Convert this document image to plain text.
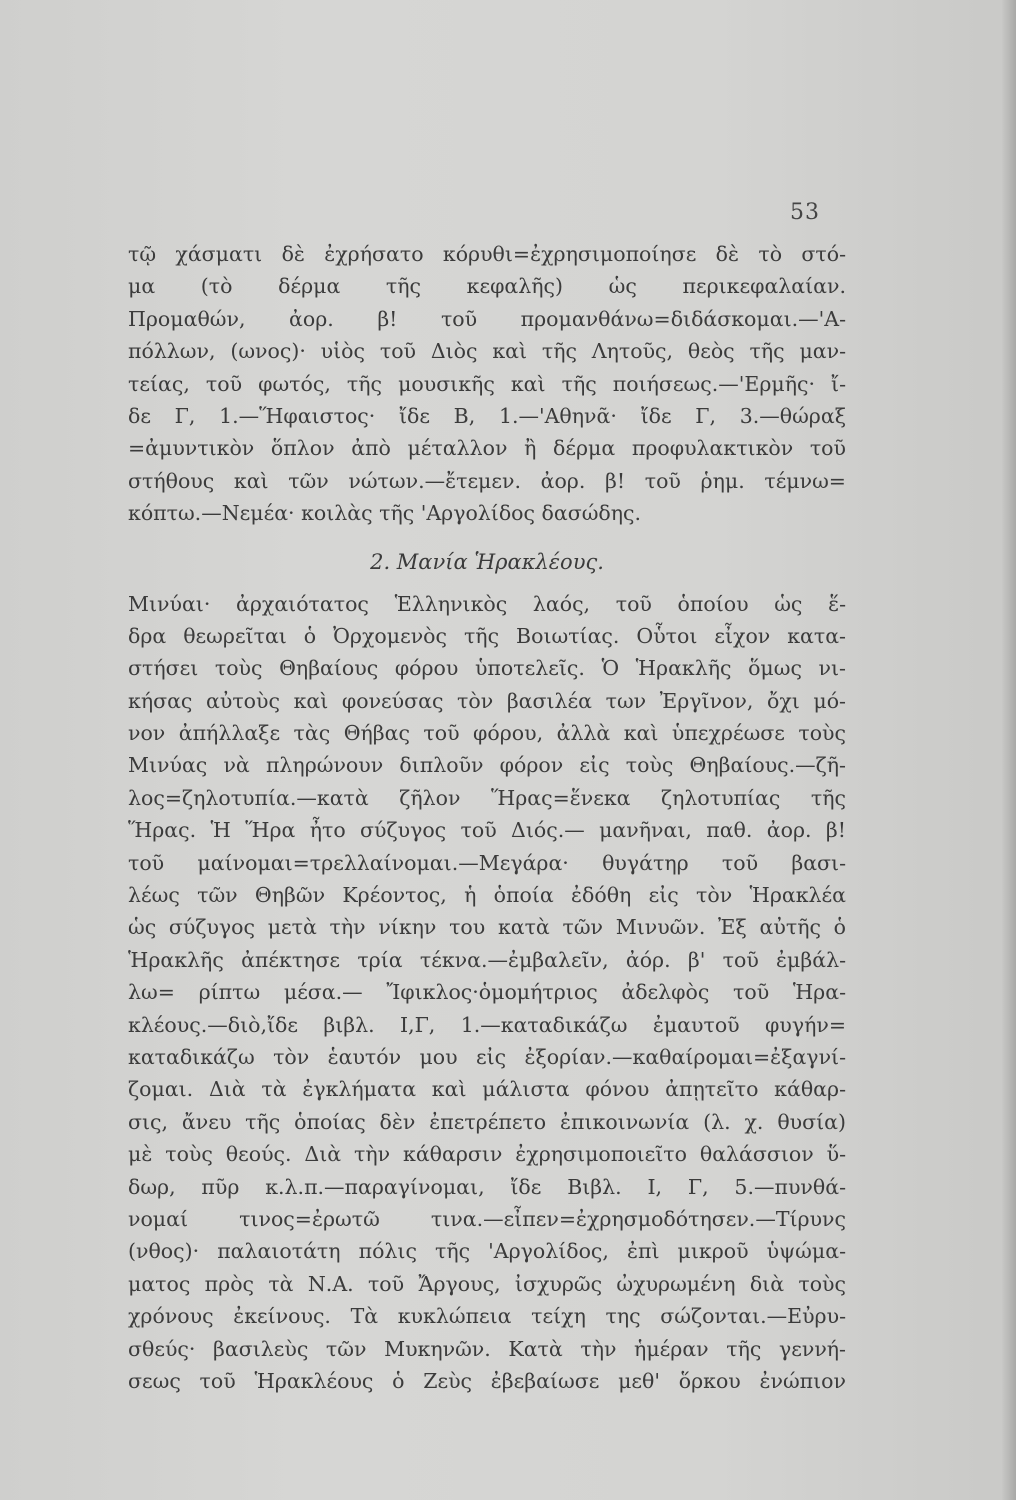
53
τῷ χάσματι δὲ ἐχρήσατο κόρυθι=ἐχρησιμοποίησε δὲ τὸ στό-
μα (τὸ δέρμα τῆς κεφαλῆς) ὡς περικεφαλαίαν.
Προμαθών, ἀορ. β! τοῦ προμανθάνω=διδάσκομαι.—'Α-
πόλλων, (ωνος)· υἱὸς τοῦ Διὸς καὶ τῆς Λητοῦς, θεὸς τῆς μαν-
τείας, τοῦ φωτός, τῆς μουσικῆς καὶ τῆς ποιήσεως.—'Ερμῆς· ἴ-
δε Γ, 1.—Ἥφαιστος· ἴδε Β, 1.—'Αθηνᾶ· ἴδε Γ, 3.—θώραξ
=ἀμυντικὸν ὅπλον ἀπὸ μέταλλον ἢ δέρμα προφυλακτικὸν τοῦ
στήθους καὶ τῶν νώτων.—ἔτεμεν. ἀορ. β! τοῦ ῥημ. τέμνω=
κόπτω.—Νεμέα· κοιλὰς τῆς 'Αργολίδος δασώδης.
2. Μανία Ἡρακλέους.
Μινύαι· ἀρχαιότατος Ἑλληνικὸς λαός, τοῦ ὁποίου ὡς ἕ-
δρα θεωρεῖται ὁ Ὀρχομενὸς τῆς Βοιωτίας. Οὗτοι εἶχον κατα-
στήσει τοὺς Θηβαίους φόρου ὑποτελεῖς. Ὁ Ἡρακλῆς ὅμως νι-
κήσας αὐτοὺς καὶ φονεύσας τὸν βασιλέα των Ἐργῖνον, ὄχι μό-
νον ἀπήλλαξε τὰς Θήβας τοῦ φόρου, ἀλλὰ καὶ ὑπεχρέωσε τοὺς
Μινύας νὰ πληρώνουν διπλοῦν φόρον εἰς τοὺς Θηβαίους.—ζῆ-
λος=ζηλοτυπία.—κατὰ ζῆλον Ἥρας=ἕνεκα ζηλοτυπίας τῆς
Ἥρας. Ἡ Ἥρα ἦτο σύζυγος τοῦ Διός.— μανῆναι, παθ. ἀορ. β!
τοῦ μαίνομαι=τρελλαίνομαι.—Μεγάρα· θυγάτηρ τοῦ βασι-
λέως τῶν Θηβῶν Κρέοντος, ἡ ὁποία ἐδόθη εἰς τὸν Ἡρακλέα
ὡς σύζυγος μετὰ τὴν νίκην του κατὰ τῶν Μινυῶν. Ἐξ αὐτῆς ὁ
Ἡρακλῆς ἀπέκτησε τρία τέκνα.—ἐμβαλεῖν, ἀόρ. β' τοῦ ἐμβάλ-
λω= ρίπτω μέσα.— Ἴφικλος·ὁμομήτριος ἀδελφὸς τοῦ Ἡρα-
κλέους.—διὸ,ἴδε βιβλ. Ι,Γ, 1.—καταδικάζω ἐμαυτοῦ φυγήν=
καταδικάζω τὸν ἑαυτόν μου εἰς ἐξορίαν.—καθαίρομαι=ἐξαγνί-
ζομαι. Διὰ τὰ ἐγκλήματα καὶ μάλιστα φόνου ἀπῃτεῖτο κάθαρ-
σις, ἄνευ τῆς ὁποίας δὲν ἐπετρέπετο ἐπικοινωνία (λ. χ. θυσία)
μὲ τοὺς θεούς. Διὰ τὴν κάθαρσιν ἐχρησιμοποιεῖτο θαλάσσιον ὕ-
δωρ, πῦρ κ.λ.π.—παραγίνομαι, ἴδε Βιβλ. Ι, Γ, 5.—πυνθά-
νομαί τινος=ἐρωτῶ τινα.—εἶπεν=ἐχρησμοδότησεν.—Τίρυνς
(νθος)· παλαιοτάτη πόλις τῆς 'Αργολίδος, ἐπὶ μικροῦ ὑψώμα-
ματος πρὸς τὰ Ν.Α. τοῦ Ἄργους, ἰσχυρῶς ὠχυρωμένη διὰ τοὺς
χρόνους ἐκείνους. Τὰ κυκλώπεια τείχη της σώζονται.—Εὐρυ-
σθεύς· βασιλεὺς τῶν Μυκηνῶν. Κατὰ τὴν ἡμέραν τῆς γεννή-
σεως τοῦ Ἡρακλέους ὁ Ζεὺς ἐβεβαίωσε μεθ' ὅρκου ἐνώπιον
